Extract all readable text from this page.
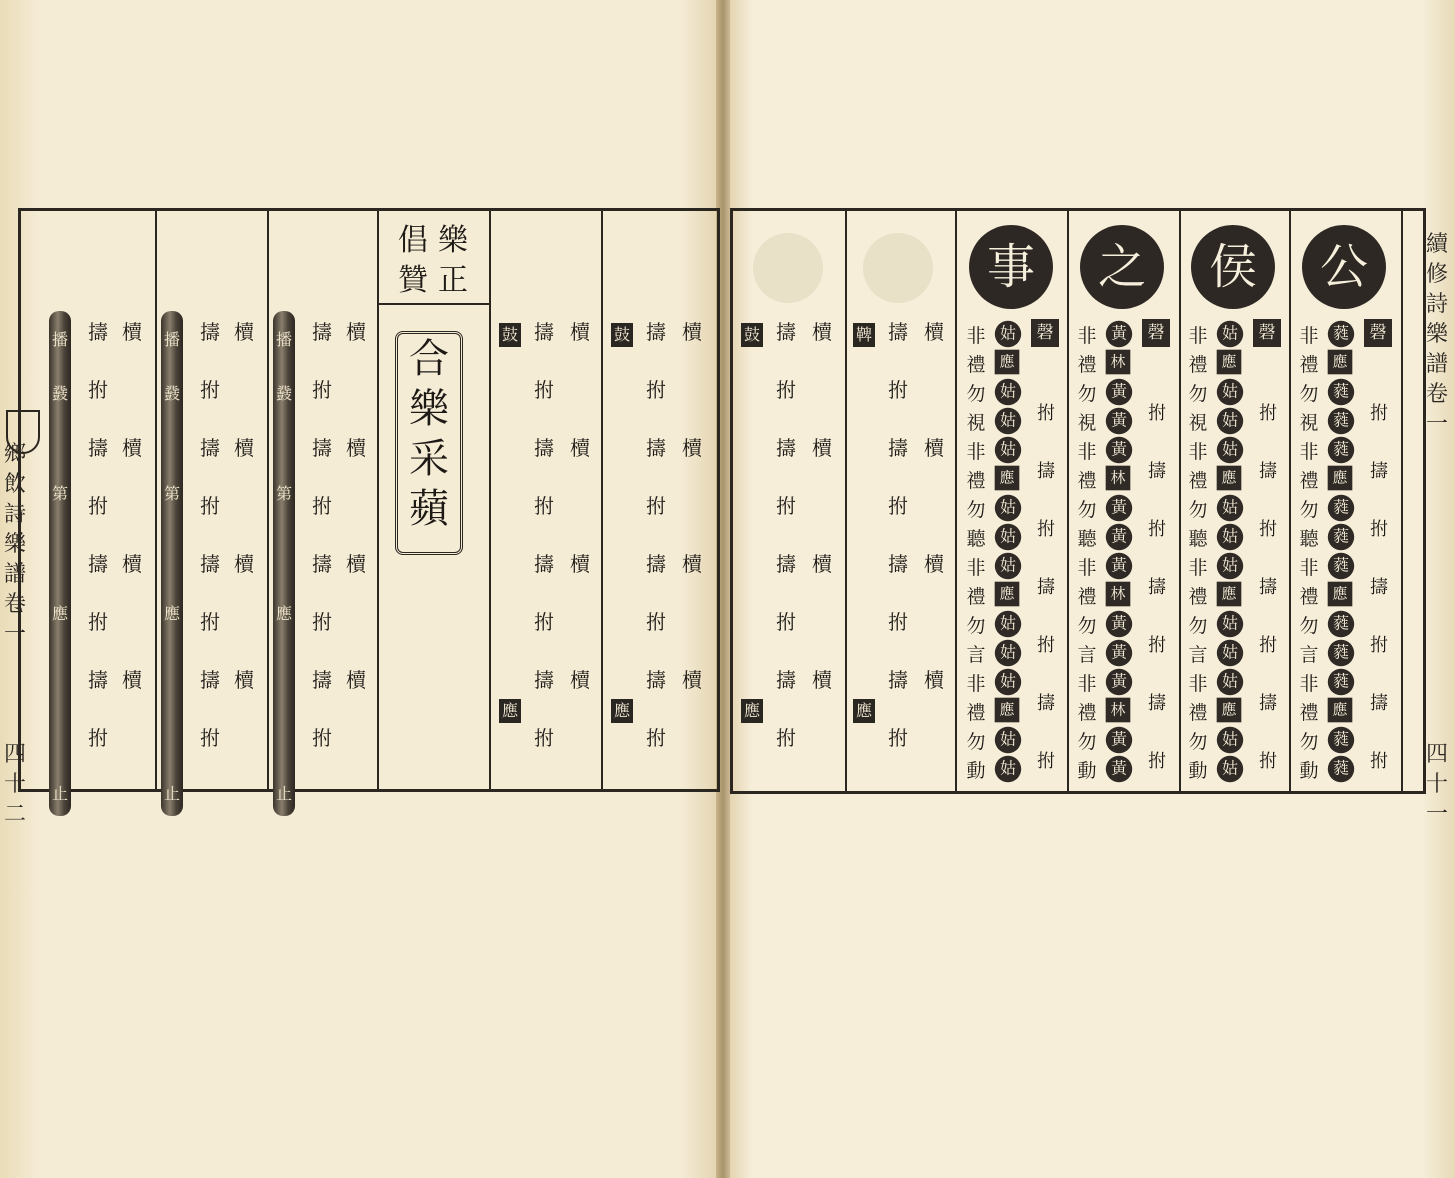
播
鼗
第
應
止
擣
拊
擣
拊
擣
拊
擣
拊
櫝
櫝
櫝
櫝
播
鼗
第
應
止
擣
拊
擣
拊
擣
拊
擣
拊
櫝
櫝
櫝
櫝
播
鼗
第
應
止
擣
拊
擣
拊
擣
拊
擣
拊
櫝
櫝
櫝
櫝
樂正
倡贊
合
樂
采
蘋
鼓
應
擣
拊
擣
拊
擣
拊
擣
拊
櫝
櫝
櫝
櫝
鼓
應
擣
拊
擣
拊
擣
拊
擣
拊
櫝
櫝
櫝
櫝
鄉
飲
詩
樂
譜
卷
一
四
十
二
鼓
應
擣
拊
擣
拊
擣
拊
擣
拊
櫝
櫝
櫝
櫝
鞞
應
擣
拊
擣
拊
擣
拊
擣
拊
櫝
櫝
櫝
櫝
事
磬
非
禮
勿
視
非
禮
勿
聽
非
禮
勿
言
非
禮
勿
動
姑
應
姑
姑
姑
應
姑
姑
姑
應
姑
姑
姑
應
姑
姑
拊
擣
拊
擣
拊
擣
拊
之
磬
非
禮
勿
視
非
禮
勿
聽
非
禮
勿
言
非
禮
勿
動
黃
林
黃
黃
黃
林
黃
黃
黃
林
黃
黃
黃
林
黃
黃
拊
擣
拊
擣
拊
擣
拊
侯
磬
非
禮
勿
視
非
禮
勿
聽
非
禮
勿
言
非
禮
勿
動
姑
應
姑
姑
姑
應
姑
姑
姑
應
姑
姑
姑
應
姑
姑
拊
擣
拊
擣
拊
擣
拊
公
磬
非
禮
勿
視
非
禮
勿
聽
非
禮
勿
言
非
禮
勿
動
蕤
應
蕤
蕤
蕤
應
蕤
蕤
蕤
應
蕤
蕤
蕤
應
蕤
蕤
拊
擣
拊
擣
拊
擣
拊
續
修
詩
樂
譜
卷
一
四
十
一
